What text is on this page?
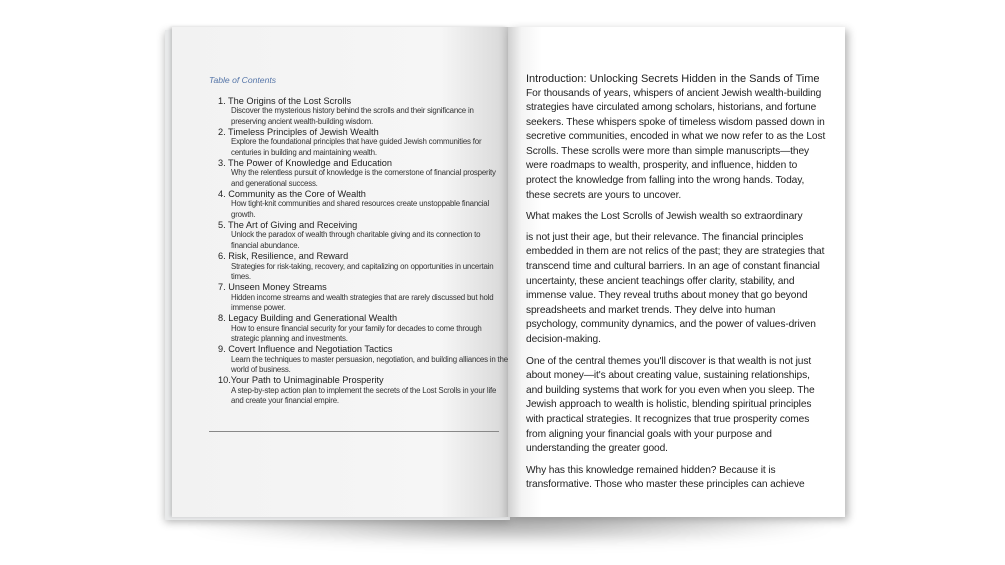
Table of Contents
1. The Origins of the Lost Scrolls
Discover the mysterious history behind the scrolls and their significance in preserving ancient wealth-building wisdom.
2. Timeless Principles of Jewish Wealth
Explore the foundational principles that have guided Jewish communities for centuries in building and maintaining wealth.
3. The Power of Knowledge and Education
Why the relentless pursuit of knowledge is the cornerstone of financial prosperity and generational success.
4. Community as the Core of Wealth
How tight-knit communities and shared resources create unstoppable financial growth.
5. The Art of Giving and Receiving
Unlock the paradox of wealth through charitable giving and its connection to financial abundance.
6. Risk, Resilience, and Reward
Strategies for risk-taking, recovery, and capitalizing on opportunities in uncertain times.
7. Unseen Money Streams
Hidden income streams and wealth strategies that are rarely discussed but hold immense power.
8. Legacy Building and Generational Wealth
How to ensure financial security for your family for decades to come through strategic planning and investments.
9. Covert Influence and Negotiation Tactics
Learn the techniques to master persuasion, negotiation, and building alliances in the world of business.
10.Your Path to Unimaginable Prosperity
A step-by-step action plan to implement the secrets of the Lost Scrolls in your life and create your financial empire.
Introduction: Unlocking Secrets Hidden in the Sands of Time

For thousands of years, whispers of ancient Jewish wealth-building strategies have circulated among scholars, historians, and fortune seekers. These whispers spoke of timeless wisdom passed down in secretive communities, encoded in what we now refer to as the Lost Scrolls. These scrolls were more than simple manuscripts—they were roadmaps to wealth, prosperity, and influence, hidden to protect the knowledge from falling into the wrong hands. Today, these secrets are yours to uncover.

What makes the Lost Scrolls of Jewish wealth so extraordinary

is not just their age, but their relevance. The financial principles embedded in them are not relics of the past; they are strategies that transcend time and cultural barriers. In an age of constant financial uncertainty, these ancient teachings offer clarity, stability, and immense value. They reveal truths about money that go beyond spreadsheets and market trends. They delve into human psychology, community dynamics, and the power of values-driven decision-making.

One of the central themes you'll discover is that wealth is not just about money—it's about creating value, sustaining relationships, and building systems that work for you even when you sleep. The Jewish approach to wealth is holistic, blending spiritual principles with practical strategies. It recognizes that true prosperity comes from aligning your financial goals with your purpose and understanding the greater good.

Why has this knowledge remained hidden? Because it is transformative. Those who master these principles can achieve
